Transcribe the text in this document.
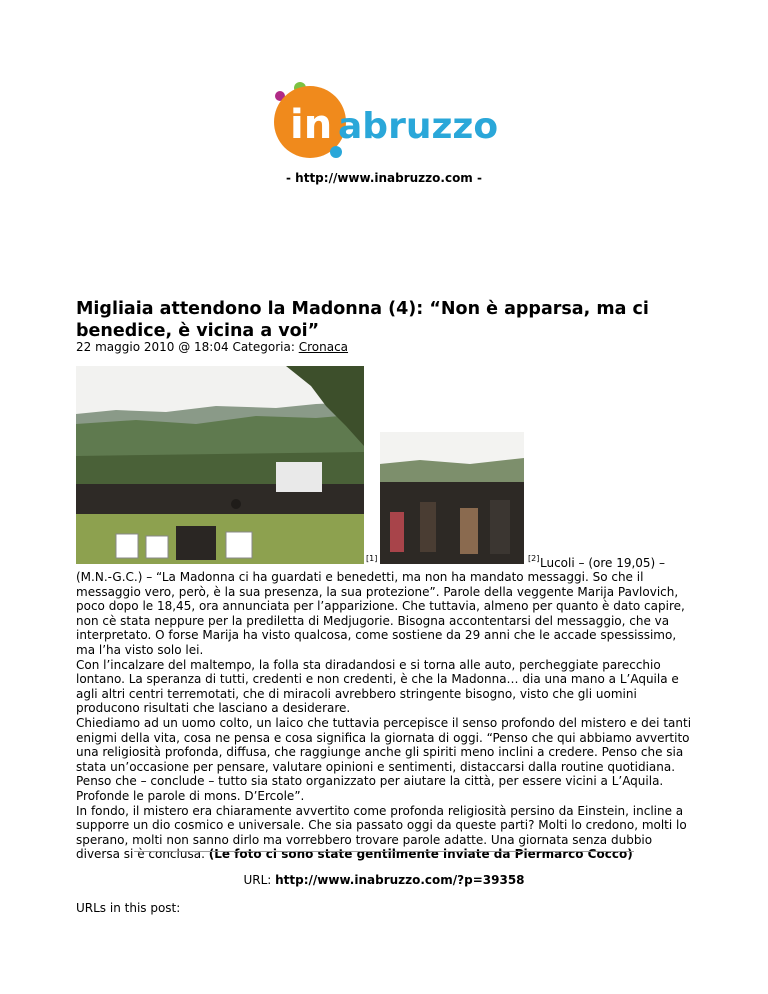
in abruzzo
- http://www.inabruzzo.com -
Migliaia attendono la Madonna (4): “Non è apparsa, ma ci benedice, è vicina a voi”
22 maggio 2010 @ 18:04 Categoria: Cronaca
[1]	[2] Lucoli – (ore 19,05) –

(M.N.-G.C.) – “La Madonna ci ha guardati e benedetti, ma non ha mandato messaggi. So che il messaggio vero, però, è la sua presenza, la sua protezione”. Parole della veggente Marija Pavlovich, poco dopo le 18,45, ora annunciata per l’apparizione. Che tuttavia, almeno per quanto è dato capire, non cè stata neppure per la prediletta di Medjugorie. Bisogna accontentarsi del messaggio, che va interpretato. O forse Marija ha visto qualcosa, come sostiene da 29 anni che le accade spessissimo, ma l’ha visto solo lei.

Con l’incalzare del maltempo, la folla sta diradandosi e si torna alle auto, percheggiate parecchio lontano. La speranza di tutti, credenti e non credenti, è che la Madonna… dia una mano a L’Aquila e agli altri centri terremotati, che di miracoli avrebbero stringente bisogno, visto che gli uomini producono risultati che lasciano a desiderare.

Chiediamo ad un uomo colto, un laico che tuttavia percepisce il senso profondo del mistero e dei tanti enigmi della vita, cosa ne pensa e cosa significa la giornata di oggi. “Penso che qui abbiamo avvertito una religiosità profonda, diffusa, che raggiunge anche gli spiriti meno inclini a credere. Penso che sia stata un’occasione per pensare, valutare opinioni e sentimenti, distaccarsi dalla routine quotidiana. Penso che – conclude – tutto sia stato organizzato per aiutare la città, per essere vicini a L’Aquila. Profonde le parole di mons. D’Ercole”.

In fondo, il mistero era chiaramente avvertito come profonda religiosità persino da Einstein, incline a supporre un dio cosmico e universale. Che sia passato oggi da queste parti? Molti lo credono, molti lo sperano, molti non sanno dirlo ma vorrebbero trovare parole adatte. Una giornata senza dubbio diversa si è conclusa. (Le foto ci sono state gentilmente inviate da Piermarco Cocco)

URL: http://www.inabruzzo.com/?p=39358
URLs in this post:
